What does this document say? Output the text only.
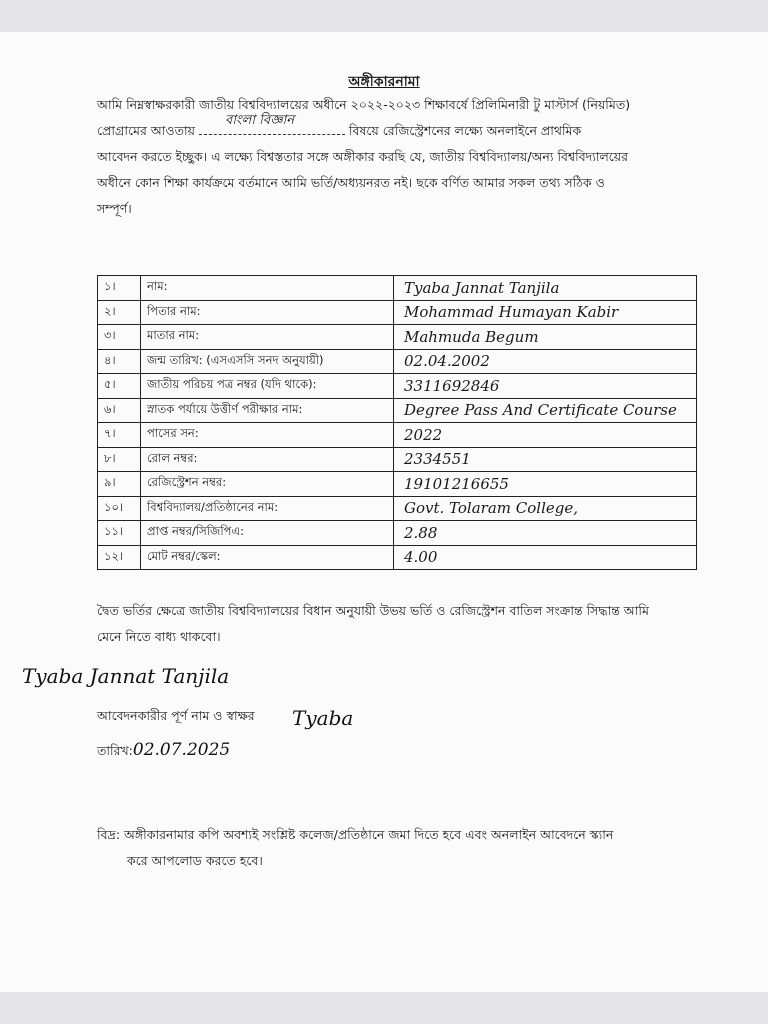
অঙ্গীকারনামা
আমি নিম্নস্বাক্ষরকারী জাতীয় বিশ্ববিদ্যালয়ের অধীনে ২০২২-২০২৩ শিক্ষাবর্ষে প্রিলিমিনারী টু মাস্টার্স (নিয়মিত)
প্রোগ্রামের আওতায়
বাংলা বিজ্ঞান
বিষয়ে রেজিস্ট্রেশনের লক্ষ্যে অনলাইনে প্রাথমিক
আবেদন করতে ইচ্ছুক। এ লক্ষ্যে বিশ্বস্ততার সঙ্গে অঙ্গীকার করছি যে, জাতীয় বিশ্ববিদ্যালয়/অন্য বিশ্ববিদ্যালয়ের
অধীনে কোন শিক্ষা কার্যক্রমে বর্তমানে আমি ভর্তি/অধ্যয়নরত নই। ছকে বর্ণিত আমার সকল তথ্য সঠিক ও
সম্পূর্ণ।
১।	নাম:	Tyaba Jannat Tanjila
২।	পিতার নাম:	Mohammad Humayan Kabir
৩।	মাতার নাম:	Mahmuda Begum
৪।	জন্ম তারিখ: (এসএসসি সনদ অনুযায়ী)	02.04.2002
৫।	জাতীয় পরিচয় পত্র নম্বর (যদি থাকে):	3311692846
৬।	স্নাতক পর্যায়ে উত্তীর্ণ পরীক্ষার নাম:	Degree Pass And Certificate Course
৭।	পাসের সন:	2022
৮।	রোল নম্বর:	2334551
৯।	রেজিস্ট্রেশন নম্বর:	19101216655
১০।	বিশ্ববিদ্যালয়/প্রতিষ্ঠানের নাম:	Govt. Tolaram College,
১১।	প্রাপ্ত নম্বর/সিজিপিএ:	2.88
১২।	মোট নম্বর/স্কেল:	4.00
দ্বৈত ভর্তির ক্ষেত্রে জাতীয় বিশ্ববিদ্যালয়ের বিধান অনুযায়ী উভয় ভর্তি ও রেজিস্ট্রেশন বাতিল সংক্রান্ত সিদ্ধান্ত আমি
মেনে নিতে বাধ্য থাকবো।
Tyaba Jannat Tanjila
আবেদনকারীর পূর্ণ নাম ও স্বাক্ষর Tyaba
তারিখ:02.07.2025
বিদ্র: অঙ্গীকারনামার কপি অবশ্যই সংশ্লিষ্ট কলেজ/প্রতিষ্ঠানে জমা দিতে হবে এবং অনলাইন আবেদনে স্ক্যান
করে আপলোড করতে হবে।
